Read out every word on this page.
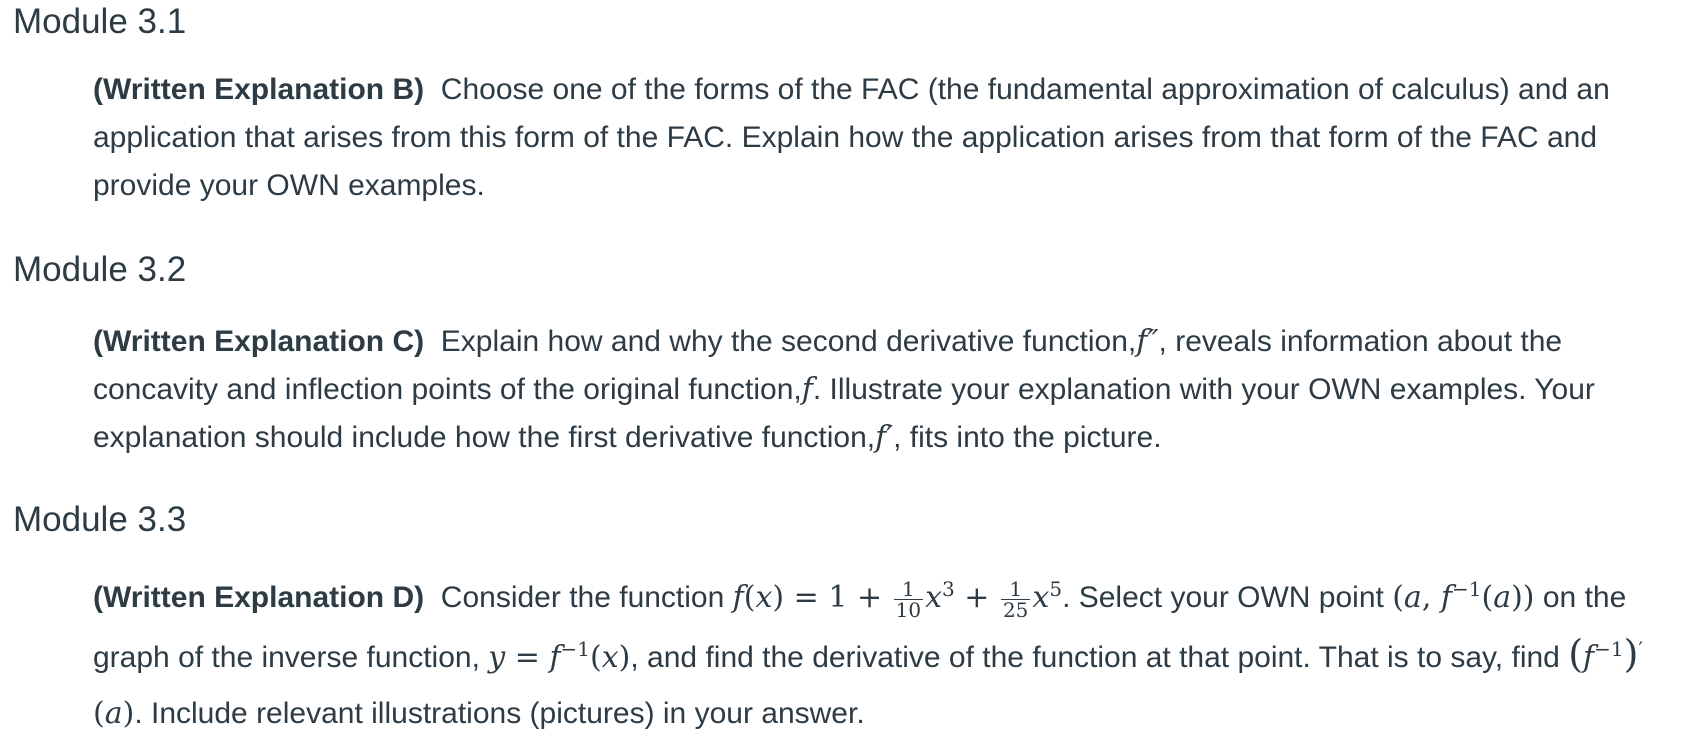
Module 3.1

(Written Explanation B) Choose one of the forms of the FAC (the fundamental approximation of calculus) and an application that arises from this form of the FAC. Explain how the application arises from that form of the FAC and provide your OWN examples.

Module 3.2

(Written Explanation C) Explain how and why the second derivative function,f″, reveals information about the concavity and inflection points of the original function,f. Illustrate your explanation with your OWN examples. Your explanation should include how the first derivative function,f′, fits into the picture.

Module 3.3

(Written Explanation D) Consider the function $f(x) = 1 + \frac{1}{10} x^3 + \frac{1}{25} x^5$. Select your OWN point (a, $f^{-1}(a)$) on the graph of the inverse function, $y = f^{-1}(x)$, and find the derivative of the function at that point. That is to say, find $(f^{-1})'(a)$. Include relevant illustrations (pictures) in your answer.
